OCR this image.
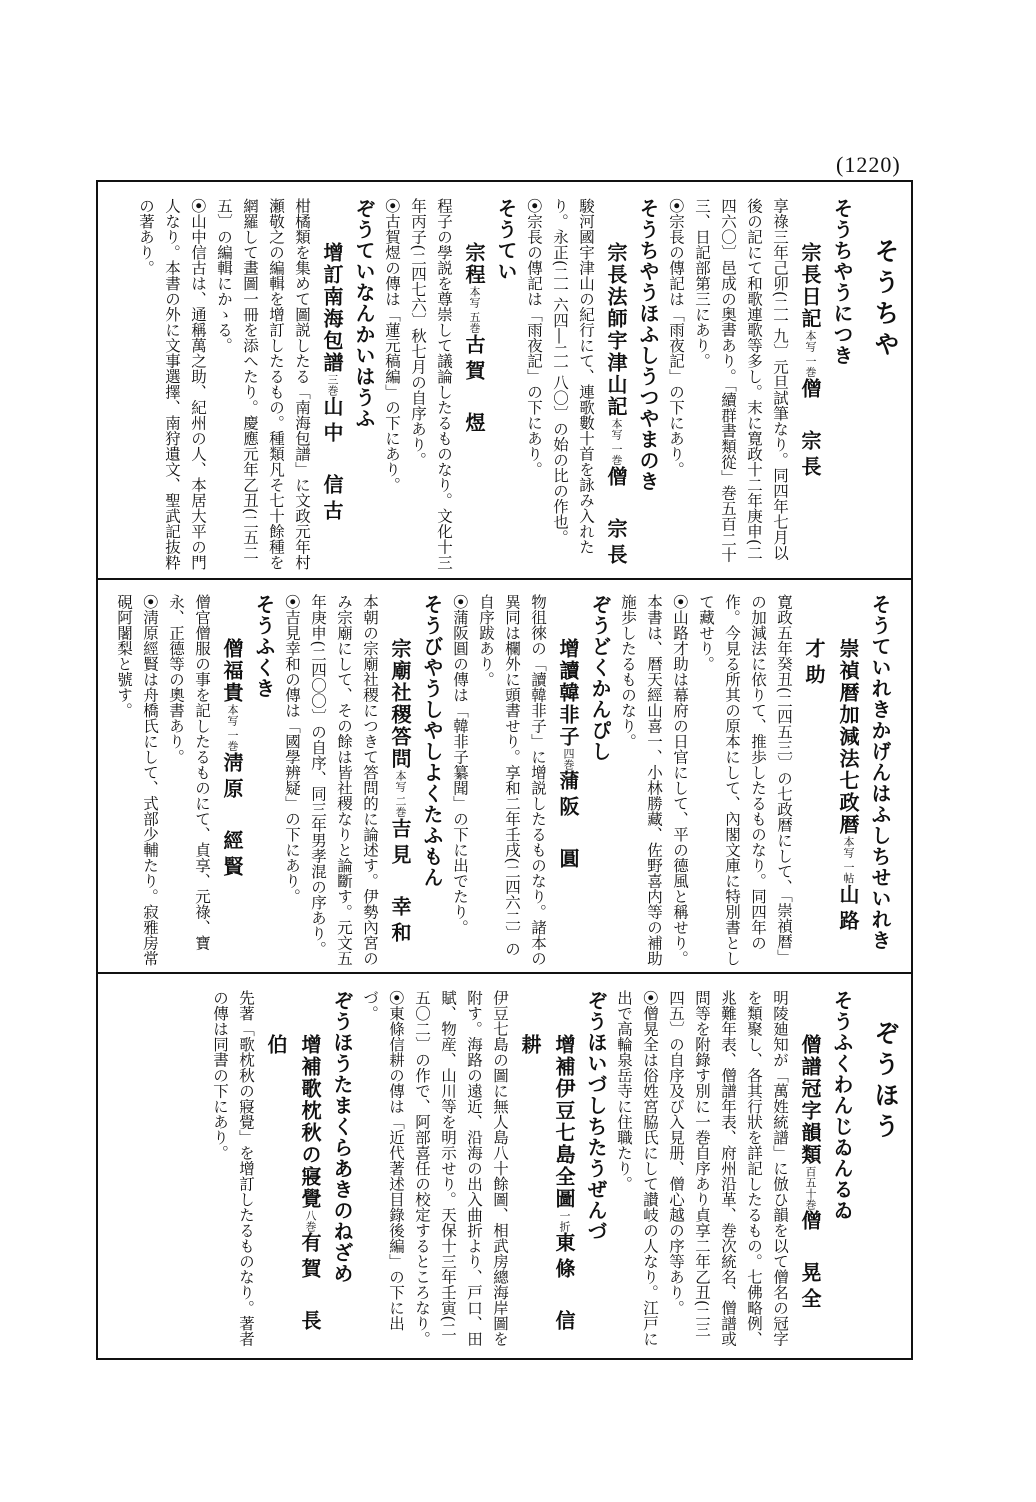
(1220)
そうちや
ぞうほう
そうちやうにつき
宗長日記本写 一巻僧　宗長
享祿三年己卯(二一九〕元旦試筆なり。同四年七月以後の記にて和歌連歌等多し。末に寛政十二年庚申(二四六〇〕邑成の奥書あり。「續群書類從」巻五百二十三、日記部第三にあり。
⦿宗長の傳記は「雨夜記」の下にあり。
そうちやうほふしうつやまのき
宗長法師宇津山記本写 一巻僧　宗長
駿河國宇津山の紀行にて、連歌數十首を詠み入れたり。永正(二一六四―二一八〇〕の始の比の作也。
⦿宗長の傳記は「雨夜記」の下にあり。
そうてい
宗程本写 五巻古賀　煜
程子の學説を尊崇して議論したるものなり。文化十三年丙子(二四七六〕秋七月の自序あり。
⦿古賀煜の傳は「蓮元稿編」の下にあり。
ぞうていなんかいはうふ
增訂南海包譜三巻山中　信古
柑橘類を集めて圖説したる「南海包譜」に文政元年村瀬敬之の編輯を增訂したるもの。種類凡そ七十餘種を網羅して畫圖一冊を添へたり。慶應元年乙丑(二五二五〕の編輯にかゝる。
⦿山中信古は、通稱萬之助、紀州の人、本居大平の門人なり。本書の外に文事選擇、南狩遺文、聖武記抜粋の著あり。
そうていれきかげんはふしちせいれき
崇禎暦加減法七政暦本写 一帖山路　才助
寛政五年癸丑(二四五三〕の七政暦にして、「崇禎暦」の加減法に依りて、推歩したるものなり。同四年の作。今見る所其の原本にして、內閣文庫に特別書として藏せり。
⦿山路才助は幕府の日官にして、平の德風と稱せり。本書は、暦天經山喜一、小林勝藏、佐野喜内等の補助施歩したるものなり。
ぞうどくかんぴし
增讀韓非子四巻蒲阪　圓
物徂徠の「讀韓非子」に增説したるものなり。諸本の異同は欄外に頭書せり。享和二年壬戌(二四六二〕の自序跋あり。
⦿蒲阪圓の傳は「韓非子纂聞」の下に出でたり。
そうびやうしやしよくたふもん
宗廟社稷答問本写 二巻吉見　幸和
本朝の宗廟社稷につきて答問的に論述す。伊勢內宮のみ宗廟にして、その餘は皆社稷なりと論斷す。元文五年庚申(二四〇〇〕の自序、同三年男孝混の序あり。
⦿吉見幸和の傳は「國學辨疑」の下にあり。
そうふくき
僧福貴本写 一巻淸原　經賢
僧官僧服の事を記したるものにて、貞享、元祿、寶永、正德等の奧書あり。
⦿淸原經賢は舟橋氏にして、式部少輔たり。寂雅房常硯阿闍梨と號す。
そうふくわんじゐんるゐ
僧譜冠字韻類百五十巻僧　晃全
明陵廸知が「萬姓統譜」に倣ひ韻を以て僧名の冠字を類聚し、各其行狀を詳記したるもの。七佛略例、兆難年表、僧譜年表、府州沿革、巻次統名、僧譜或問等を附錄す別に一巻自序あり貞享二年乙丑(二三四五〕の自序及び入見册、僧心越の序等あり。
⦿僧晃全は俗姓宮脇氏にして讃岐の人なり。江戸に出で高輪泉岳寺に住職たり。
ぞうほいづしちたうぜんづ
增補伊豆七島全圖一折東條　信耕
伊豆七島の圖に無人島八十餘圖、相武房總海岸圖を附す。海路の遠近、沿海の出入曲折より、戸口、田賦、物産、山川等を明示せり。天保十三年壬寅(二五〇二〕の作で、阿部喜任の校定するところなり。
⦿東條信耕の傳は「近代著述目錄後編」の下に出づ。
ぞうほうたまくらあきのねざめ
增補歌枕秋の寢覺八巻有賀　長伯
先著「歌枕秋の寢覺」を增訂したるものなり。著者の傳は同書の下にあり。
